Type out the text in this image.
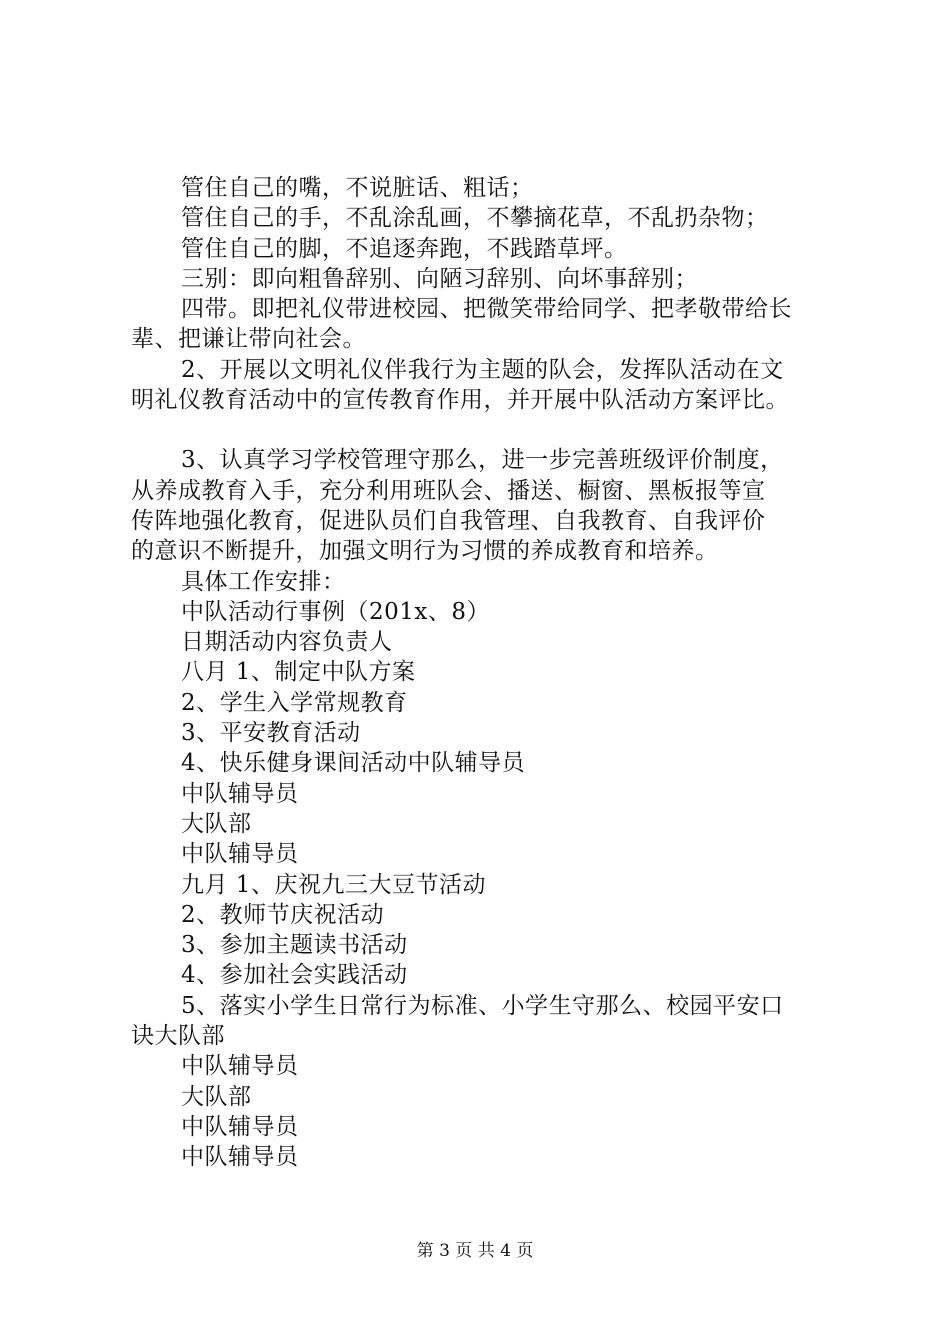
管住自己的嘴，不说脏话、粗话；
管住自己的手，不乱涂乱画，不攀摘花草，不乱扔杂物；
管住自己的脚，不追逐奔跑，不践踏草坪。
三别：即向粗鲁辞别、向陋习辞别、向坏事辞别；
四带。即把礼仪带进校园、把微笑带给同学、把孝敬带给长
辈、把谦让带向社会。
2、开展以文明礼仪伴我行为主题的队会，发挥队活动在文
明礼仪教育活动中的宣传教育作用，并开展中队活动方案评比。
3、认真学习学校管理守那么，进一步完善班级评价制度，
从养成教育入手，充分利用班队会、播送、橱窗、黑板报等宣
传阵地强化教育，促进队员们自我管理、自我教育、自我评价
的意识不断提升，加强文明行为习惯的养成教育和培养。
具体工作安排：
中队活动行事例（201x、8）
日期活动内容负责人
八月 1、制定中队方案
2、学生入学常规教育
3、平安教育活动
4、快乐健身课间活动中队辅导员
中队辅导员
大队部
中队辅导员
九月 1、庆祝九三大豆节活动
2、教师节庆祝活动
3、参加主题读书活动
4、参加社会实践活动
5、落实小学生日常行为标准、小学生守那么、校园平安口
诀大队部
中队辅导员
大队部
中队辅导员
中队辅导员
第 3 页 共 4 页
